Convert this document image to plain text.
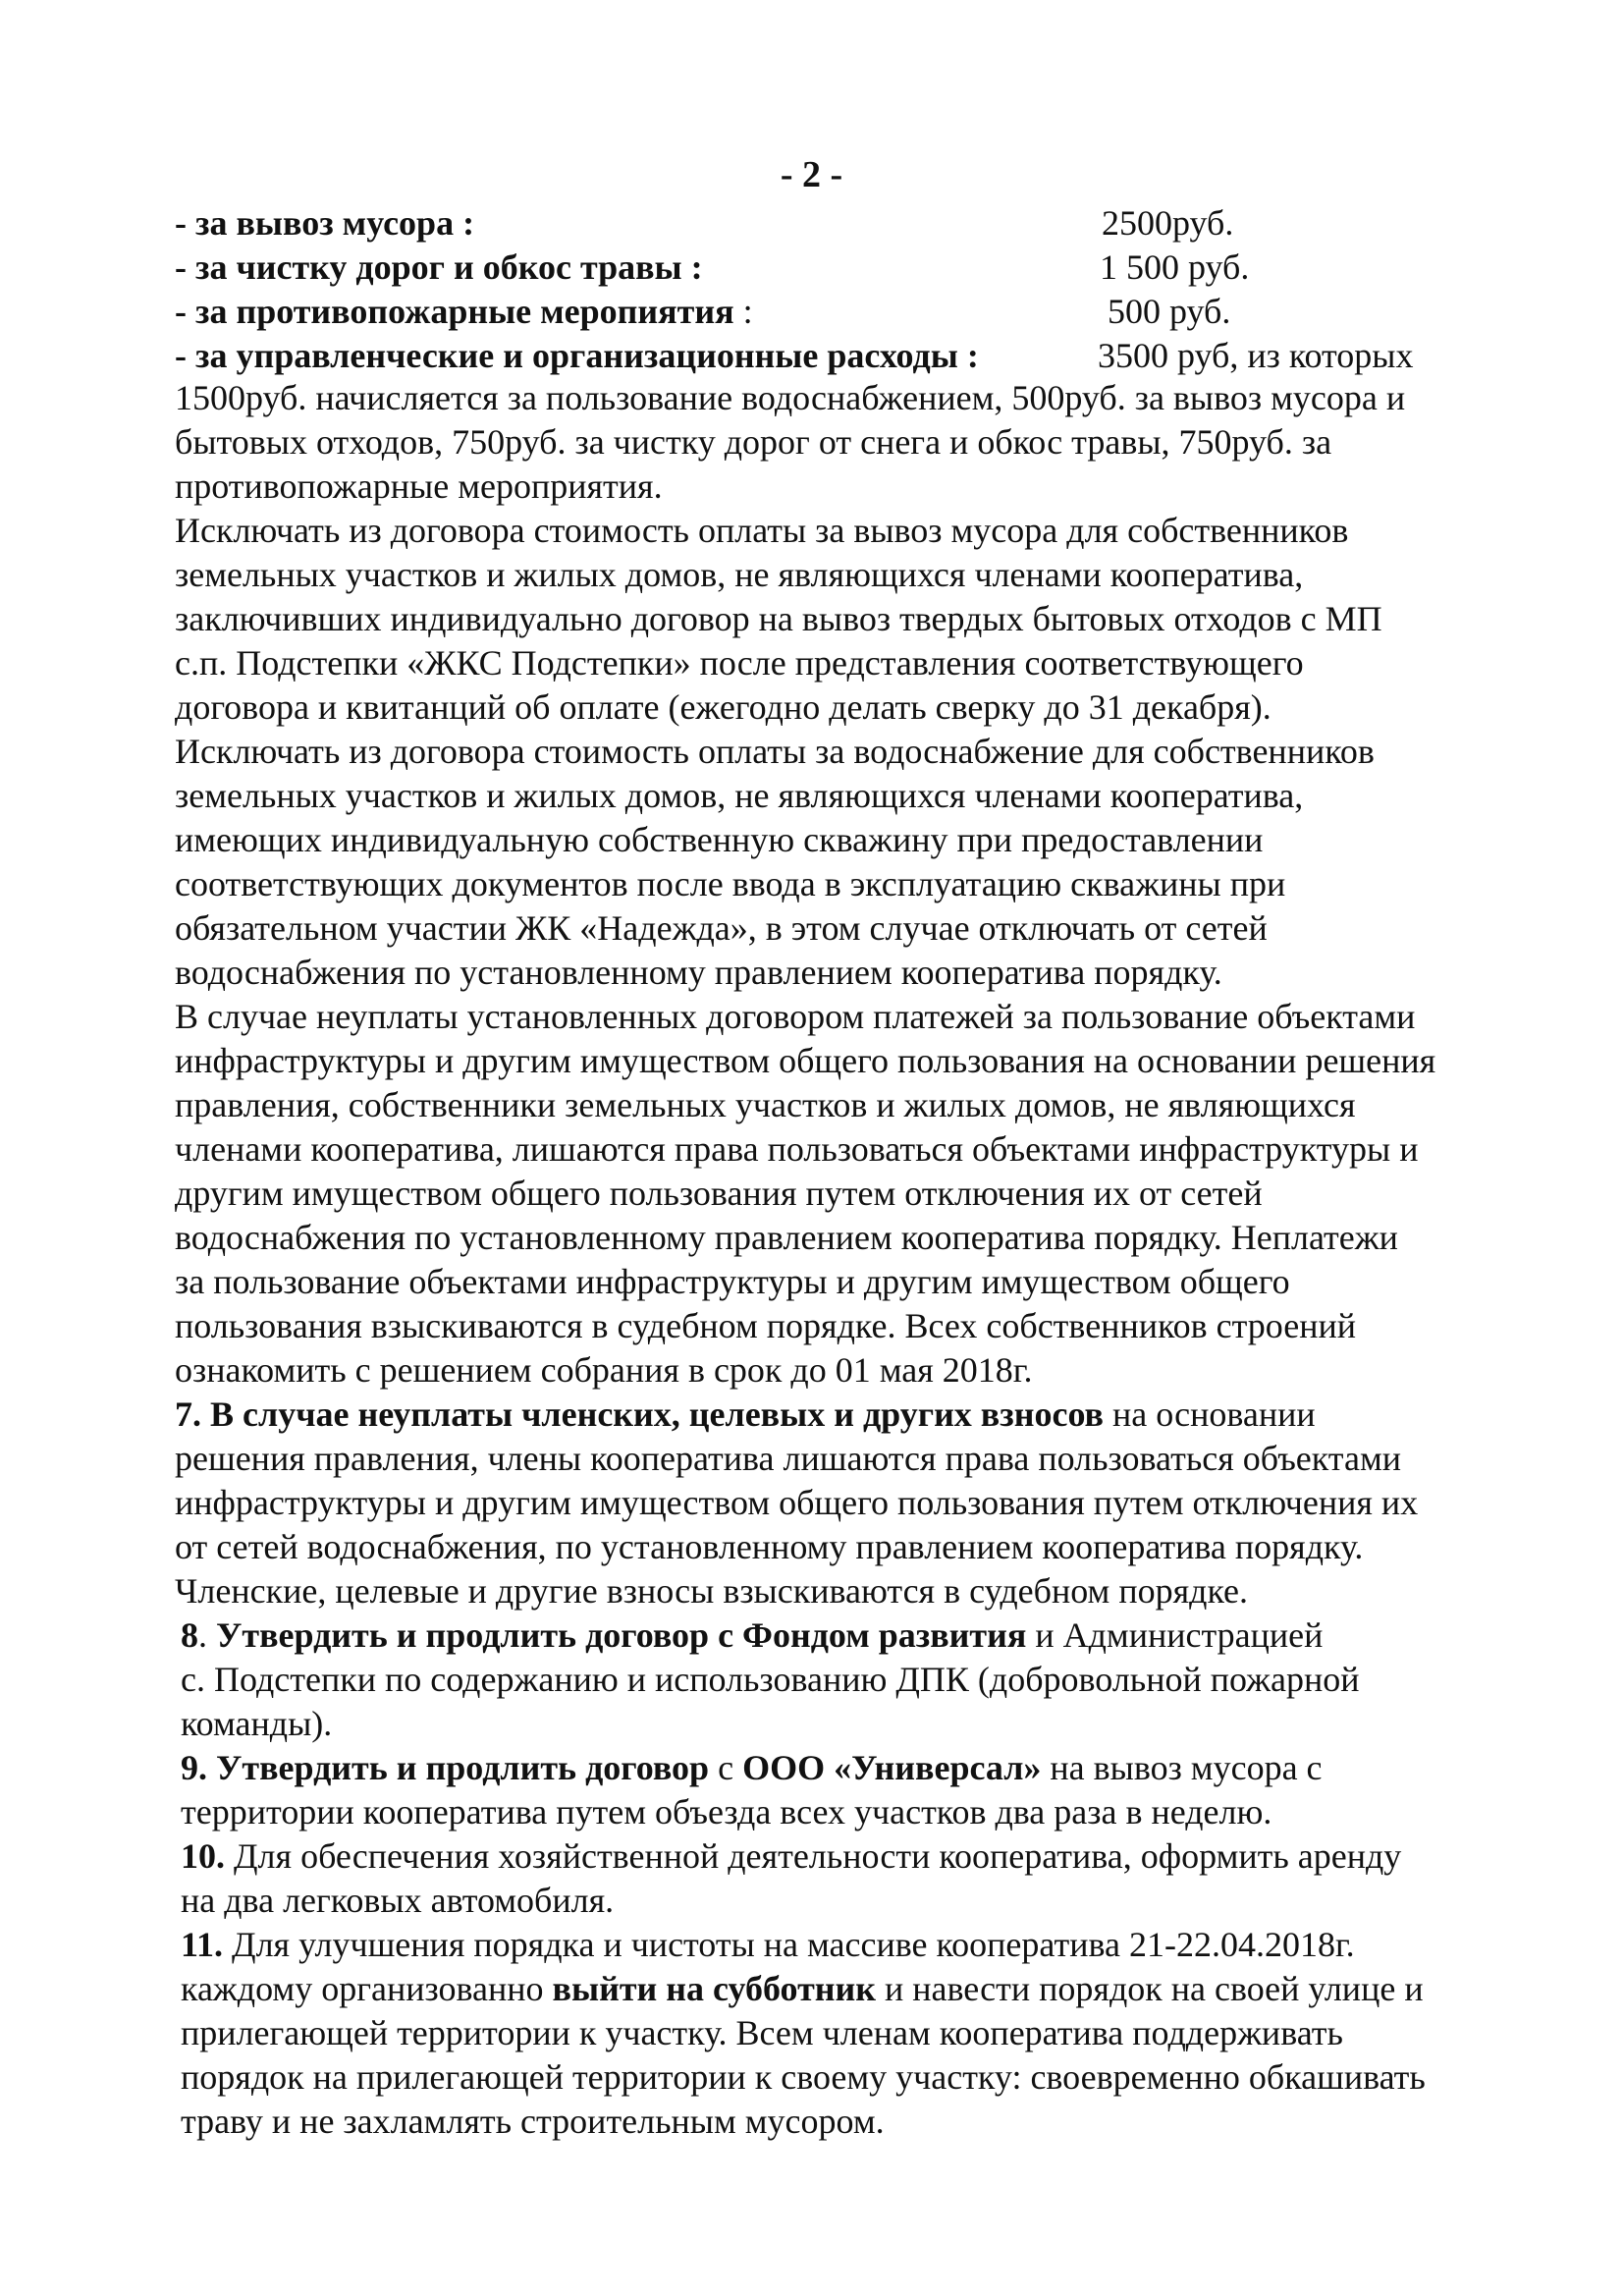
- 2 -
- за вывоз мусора :	2500руб.
- за чистку дорог и обкос травы :	1 500 руб.
- за противопожарные меропиятия :	500 руб.
- за управленческие и организационные расходы :	3500 руб, из которых
1500руб. начисляется за пользование водоснабжением, 500руб. за вывоз мусора и
бытовых отходов, 750руб. за чистку дорог от снега и обкос травы, 750руб. за
противопожарные мероприятия.
Исключать из договора стоимость оплаты за вывоз мусора для собственников
земельных участков и жилых домов, не являющихся членами кооператива,
заключивших индивидуально договор на вывоз твердых бытовых отходов с МП
с.п. Подстепки «ЖКС Подстепки» после представления соответствующего
договора и квитанций об оплате (ежегодно делать сверку до 31 декабря).
Исключать из договора стоимость оплаты за водоснабжение для собственников
земельных участков и жилых домов, не являющихся членами кооператива,
имеющих индивидуальную собственную скважину при предоставлении
соответствующих документов после ввода в эксплуатацию скважины при
обязательном участии ЖК «Надежда», в этом случае отключать от сетей
водоснабжения по установленному правлением кооператива порядку.
В случае неуплаты установленных договором платежей за пользование объектами
инфраструктуры и другим имуществом общего пользования на основании решения
правления, собственники земельных участков и жилых домов, не являющихся
членами кооператива, лишаются права пользоваться объектами инфраструктуры и
другим имуществом общего пользования путем отключения их от сетей
водоснабжения по установленному правлением кооператива порядку. Неплатежи
за пользование объектами инфраструктуры и другим имуществом общего
пользования взыскиваются в судебном порядке. Всех собственников строений
ознакомить с решением собрания в срок до 01 мая 2018г.
7. В случае неуплаты членских, целевых и других взносов на основании
решения правления, члены кооператива лишаются права пользоваться объектами
инфраструктуры и другим имуществом общего пользования путем отключения их
от сетей водоснабжения, по установленному правлением кооператива порядку.
Членские, целевые и другие взносы взыскиваются в судебном порядке.
8. Утвердить и продлить договор с Фондом развития и Администрацией
с. Подстепки по содержанию и использованию ДПК (добровольной пожарной
команды).
9. Утвердить и продлить договор с ООО «Универсал» на вывоз мусора с
территории кооператива путем объезда всех участков два раза в неделю.
10. Для обеспечения хозяйственной деятельности кооператива, оформить аренду
на два легковых автомобиля.
11. Для улучшения порядка и чистоты на массиве кооператива 21-22.04.2018г.
каждому организованно выйти на субботник и навести порядок на своей улице и
прилегающей территории к участку. Всем членам кооператива поддерживать
порядок на прилегающей территории к своему участку: своевременно обкашивать
траву и не захламлять строительным мусором.
